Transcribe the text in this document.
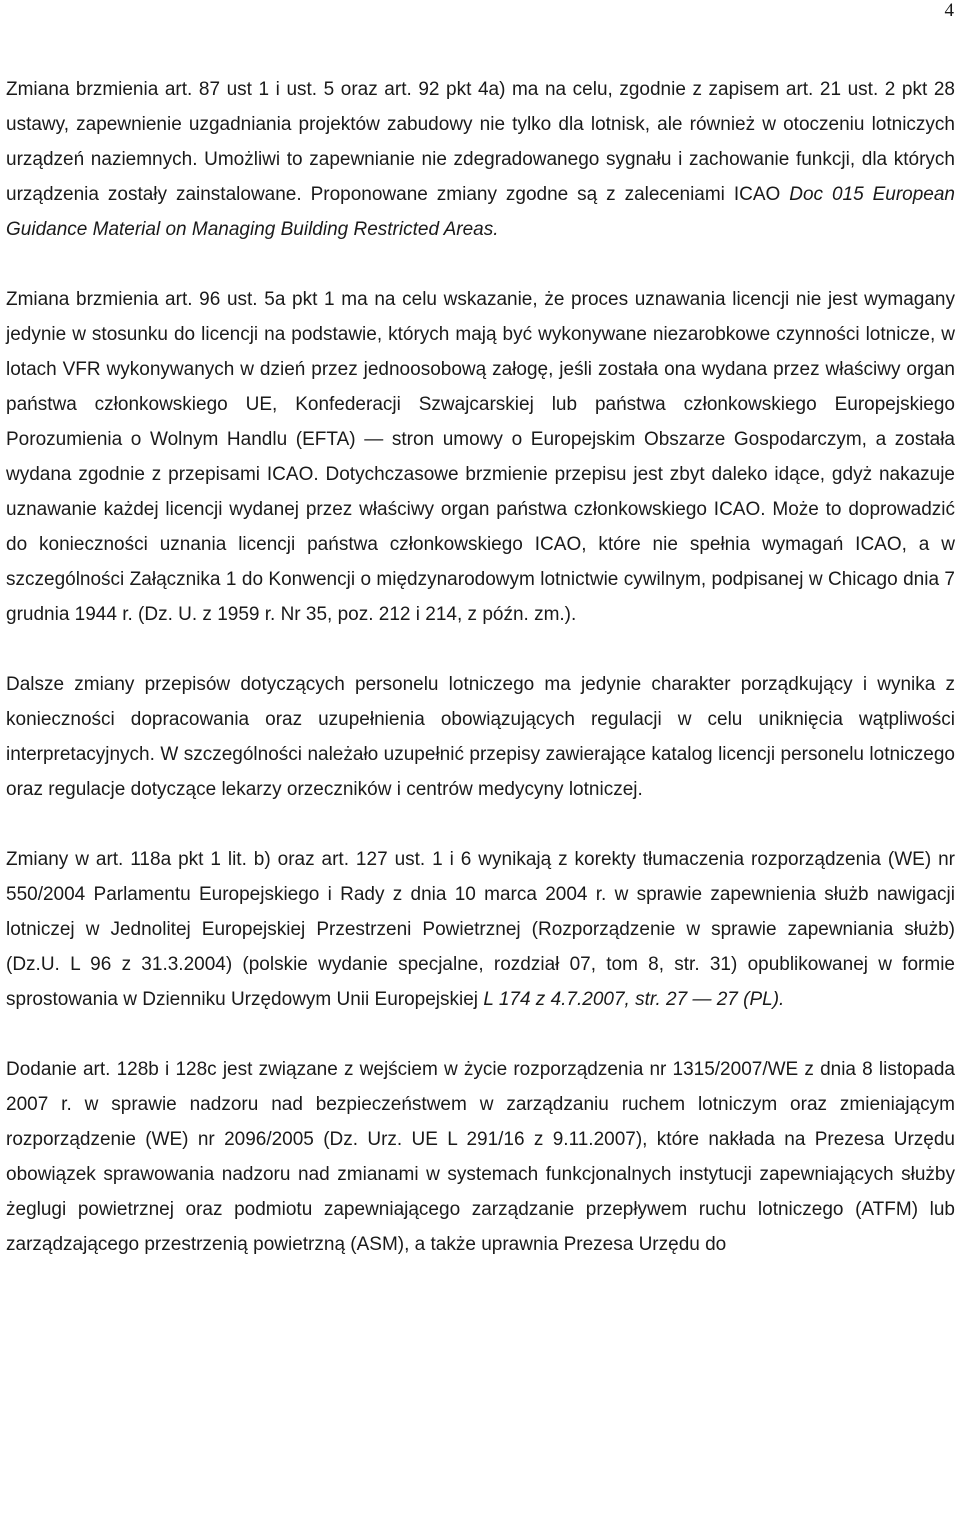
4

Zmiana brzmienia art. 87 ust 1 i ust. 5 oraz art. 92 pkt 4a) ma na celu, zgodnie z zapisem art. 21 ust. 2 pkt 28 ustawy, zapewnienie uzgadniania projektów zabudowy nie tylko dla lotnisk, ale również w otoczeniu lotniczych urządzeń naziemnych. Umożliwi to zapewnianie nie zdegradowanego sygnału i zachowanie funkcji, dla których urządzenia zostały zainstalowane. Proponowane zmiany zgodne są z zaleceniami ICAO Doc 015 European Guidance Material on Managing Building Restricted Areas.

Zmiana brzmienia art. 96 ust. 5a pkt 1 ma na celu wskazanie, że proces uznawania licencji nie jest wymagany jedynie w stosunku do licencji na podstawie, których mają być wykonywane niezarobkowe czynności lotnicze, w lotach VFR wykonywanych w dzień przez jednoosobową załogę, jeśli została ona wydana przez właściwy organ państwa członkowskiego UE, Konfederacji Szwajcarskiej lub państwa członkowskiego Europejskiego Porozumienia o Wolnym Handlu (EFTA) — stron umowy o Europejskim Obszarze Gospodarczym, a została wydana zgodnie z przepisami ICAO. Dotychczasowe brzmienie przepisu jest zbyt daleko idące, gdyż nakazuje uznawanie każdej licencji wydanej przez właściwy organ państwa członkowskiego ICAO. Może to doprowadzić do konieczności uznania licencji państwa członkowskiego ICAO, które nie spełnia wymagań ICAO, a w szczególności Załącznika 1 do Konwencji o międzynarodowym lotnictwie cywilnym, podpisanej w Chicago dnia 7 grudnia 1944 r. (Dz. U. z 1959 r. Nr 35, poz. 212 i 214, z późn. zm.).

Dalsze zmiany przepisów dotyczących personelu lotniczego ma jedynie charakter porządkujący i wynika z konieczności dopracowania oraz uzupełnienia obowiązujących regulacji w celu uniknięcia wątpliwości interpretacyjnych. W szczególności należało uzupełnić przepisy zawierające katalog licencji personelu lotniczego oraz regulacje dotyczące lekarzy orzeczników i centrów medycyny lotniczej.

Zmiany w art. 118a pkt 1 lit. b) oraz art. 127 ust. 1 i 6 wynikają z korekty tłumaczenia rozporządzenia (WE) nr 550/2004 Parlamentu Europejskiego i Rady z dnia 10 marca 2004 r. w sprawie zapewnienia służb nawigacji lotniczej w Jednolitej Europejskiej Przestrzeni Powietrznej (Rozporządzenie w sprawie zapewniania służb) (Dz.U. L 96 z 31.3.2004) (polskie wydanie specjalne, rozdział 07, tom 8, str. 31) opublikowanej w formie sprostowania w Dzienniku Urzędowym Unii Europejskiej L 174 z 4.7.2007, str. 27 — 27 (PL).

Dodanie art. 128b i 128c jest związane z wejściem w życie rozporządzenia nr 1315/2007/WE z dnia 8 listopada 2007 r. w sprawie nadzoru nad bezpieczeństwem w zarządzaniu ruchem lotniczym oraz zmieniającym rozporządzenie (WE) nr 2096/2005 (Dz. Urz. UE L 291/16 z 9.11.2007), które nakłada na Prezesa Urzędu obowiązek sprawowania nadzoru nad zmianami w systemach funkcjonalnych instytucji zapewniających służby żeglugi powietrznej oraz podmiotu zapewniającego zarządzanie przepływem ruchu lotniczego (ATFM) lub zarządzającego przestrzenią powietrzną (ASM), a także uprawnia Prezesa Urzędu do
